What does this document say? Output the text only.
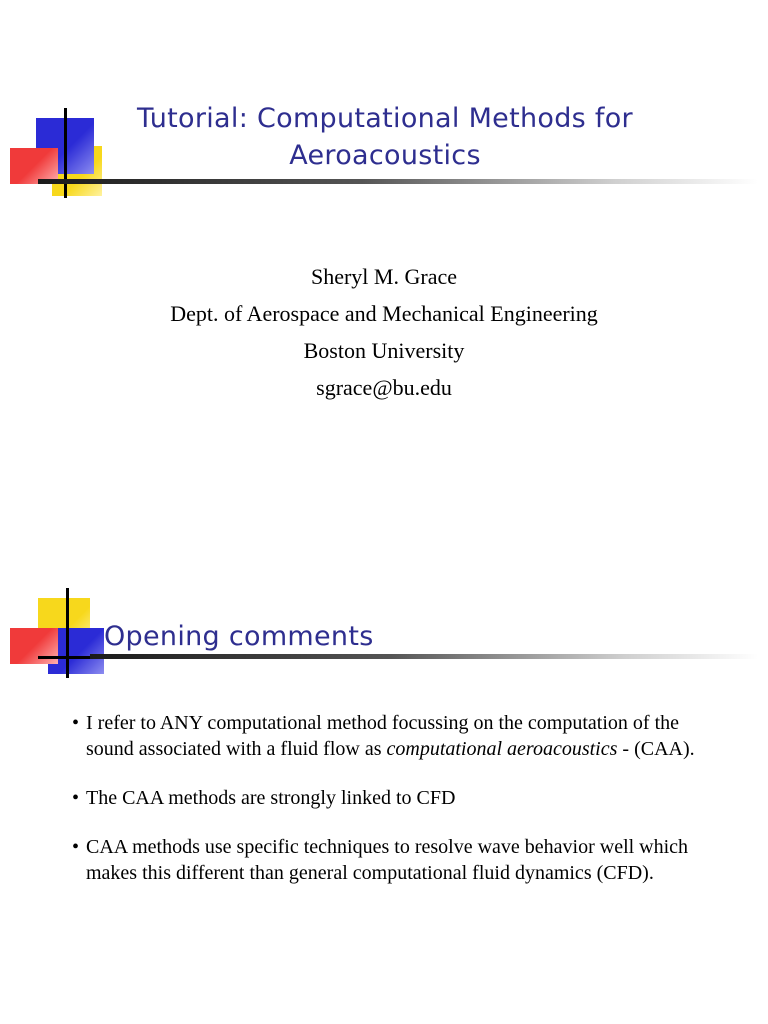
Tutorial: Computational Methods for
Aeroacoustics
Sheryl M. Grace
Dept. of Aerospace and Mechanical Engineering
Boston University
sgrace@bu.edu
Opening comments
• I refer to ANY computational method focussing on the computation of the sound associated with a fluid flow as computational aeroacoustics - (CAA).
• The CAA methods are strongly linked to CFD
• CAA methods use specific techniques to resolve wave behavior well which makes this different than general computational fluid dynamics (CFD).
